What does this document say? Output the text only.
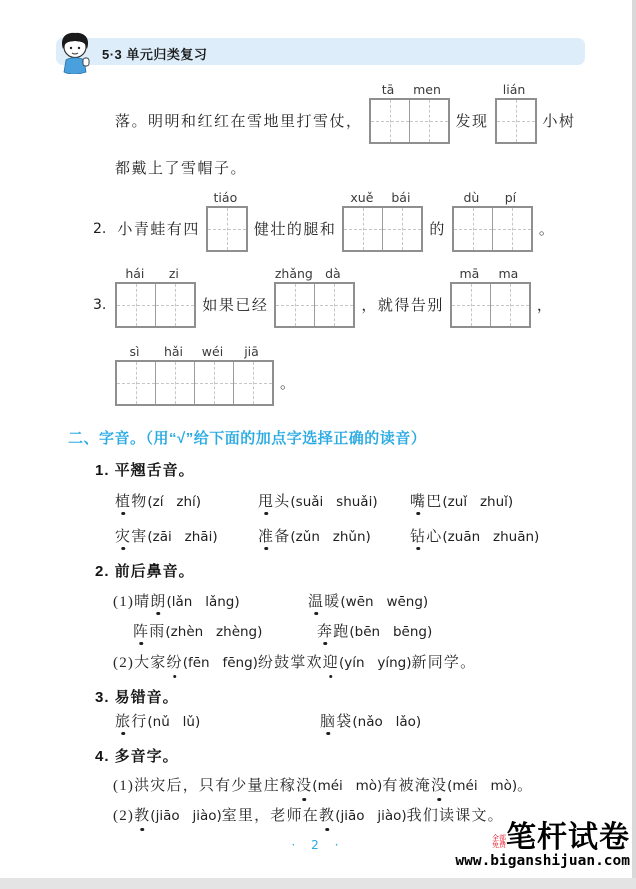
5·3 单元归类复习
落。明明和红红在雪地里打雪仗，
tā	men
发现
lián
小树
都戴上了雪帽子。
2. 小青蛙有四
tiáo
健壮的腿和
xuě	bái
的
dù	pí
。
3.
hái	zi
如果已经
zhǎng dà
，就得告别
mā	ma
，
sì	hǎi	wéi	jiā
。
二、字音。（用“√”给下面的加点字选择正确的读音）
1. 平翘舌音。
植物(zí   zhí)	甩头(suǎi   shuǎi)	嘴巴(zuǐ   zhuǐ)
灾害(zāi   zhāi)	准备(zǔn   zhǔn)	钻心(zuān   zhuān)
2. 前后鼻音。
(1)晴朗(lǎn   lǎng)	温暖(wēn   wēng)
阵雨(zhèn   zhèng)	奔跑(bēn   bēng)
(2)大家 纷 (fēn   fēng) 纷鼓掌欢 迎 (yín   yíng) 新同学。
3. 易错音。
旅行(nǔ   lǔ)	脑袋(nǎo   lǎo)
4. 多音字。
(1)洪灾后，只有少量庄稼 没 (méi   mò) 有被淹 没 (méi   mò) 。
(2) 教 (jiāo   jiào) 室里，老师在 教 (jiāo   jiào) 我们读课文。
· 2 ·	全部免费 笔杆试卷
www.biganshijuan.com
